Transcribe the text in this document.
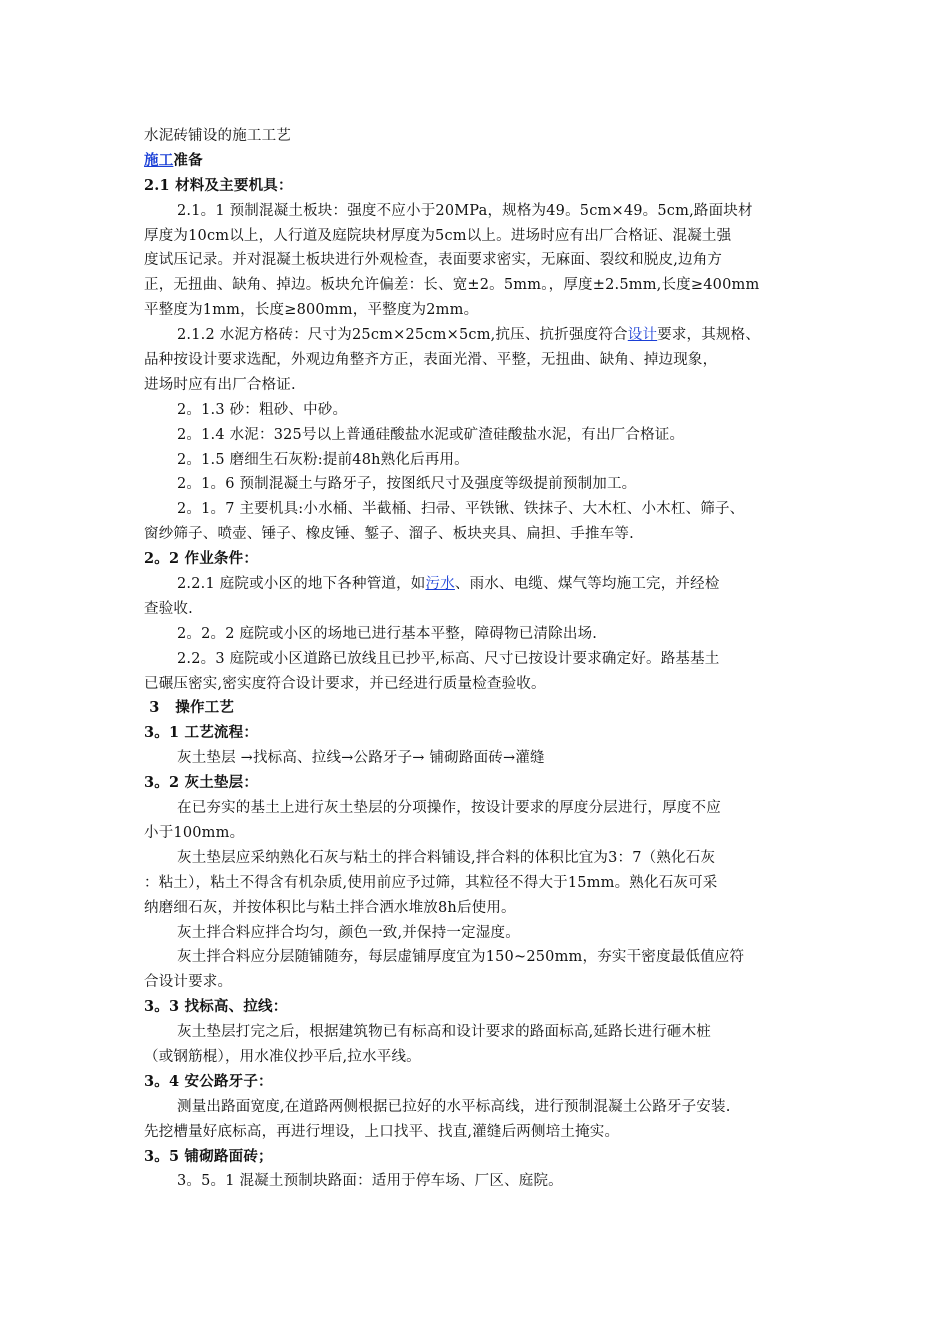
水泥砖铺设的施工工艺
施工准备
2.1 材料及主要机具：
2.1。1 预制混凝土板块：强度不应小于20MPa，规格为49。5cm×49。5cm,路面块材
厚度为10cm以上，人行道及庭院块材厚度为5cm以上。进场时应有出厂合格证、混凝土强
度试压记录。并对混凝土板块进行外观检查，表面要求密实，无麻面、裂纹和脱皮,边角方
正，无扭曲、缺角、掉边。板块允许偏差：长、宽±2。5mm。，厚度±2.5mm,长度≥400mm
平整度为1mm，长度≥800mm，平整度为2mm。
2.1.2 水泥方格砖：尺寸为25cm×25cm×5cm,抗压、抗折强度符合设计要求，其规格、
品种按设计要求选配，外观边角整齐方正，表面光滑、平整，无扭曲、缺角、掉边现象，
进场时应有出厂合格证.
2。1.3 砂：粗砂、中砂。
2。1.4 水泥：325号以上普通硅酸盐水泥或矿渣硅酸盐水泥，有出厂合格证。
2。1.5 磨细生石灰粉:提前48h熟化后再用。
2。1。6 预制混凝土与路牙子，按图纸尺寸及强度等级提前预制加工。
2。1。7 主要机具:小水桶、半截桶、扫帚、平铁锹、铁抹子、大木杠、小木杠、筛子、
窗纱筛子、喷壶、锤子、橡皮锤、錾子、溜子、板块夹具、扁担、手推车等.
2。2 作业条件：
2.2.1 庭院或小区的地下各种管道，如污水、雨水、电缆、煤气等均施工完，并经检
查验收.
2。2。2 庭院或小区的场地已进行基本平整，障碍物已清除出场.
2.2。3 庭院或小区道路已放线且已抄平,标高、尺寸已按设计要求确定好。路基基土
已碾压密实,密实度符合设计要求，并已经进行质量检查验收。
3   操作工艺
3。1 工艺流程：
灰土垫层 →找标高、拉线→公路牙子→ 铺砌路面砖→灌缝
3。2 灰土垫层：
在已夯实的基土上进行灰土垫层的分项操作，按设计要求的厚度分层进行，厚度不应
小于100mm。
灰土垫层应采纳熟化石灰与粘土的拌合料铺设,拌合料的体积比宜为3：7（熟化石灰
：粘土），粘土不得含有机杂质,使用前应予过筛，其粒径不得大于15mm。熟化石灰可采
纳磨细石灰，并按体积比与粘土拌合洒水堆放8h后使用。
灰土拌合料应拌合均匀，颜色一致,并保持一定湿度。
灰土拌合料应分层随铺随夯，每层虚铺厚度宜为150~250mm，夯实干密度最低值应符
合设计要求。
3。3 找标高、拉线：
灰土垫层打完之后，根据建筑物已有标高和设计要求的路面标高,延路长进行砸木桩
（或钢筋棍），用水准仪抄平后,拉水平线。
3。4 安公路牙子：
测量出路面宽度,在道路两侧根据已拉好的水平标高线，进行预制混凝土公路牙子安装.
先挖槽量好底标高，再进行埋设，上口找平、找直,灌缝后两侧培土掩实。
3。5 铺砌路面砖；
3。5。1 混凝土预制块路面：适用于停车场、厂区、庭院。
